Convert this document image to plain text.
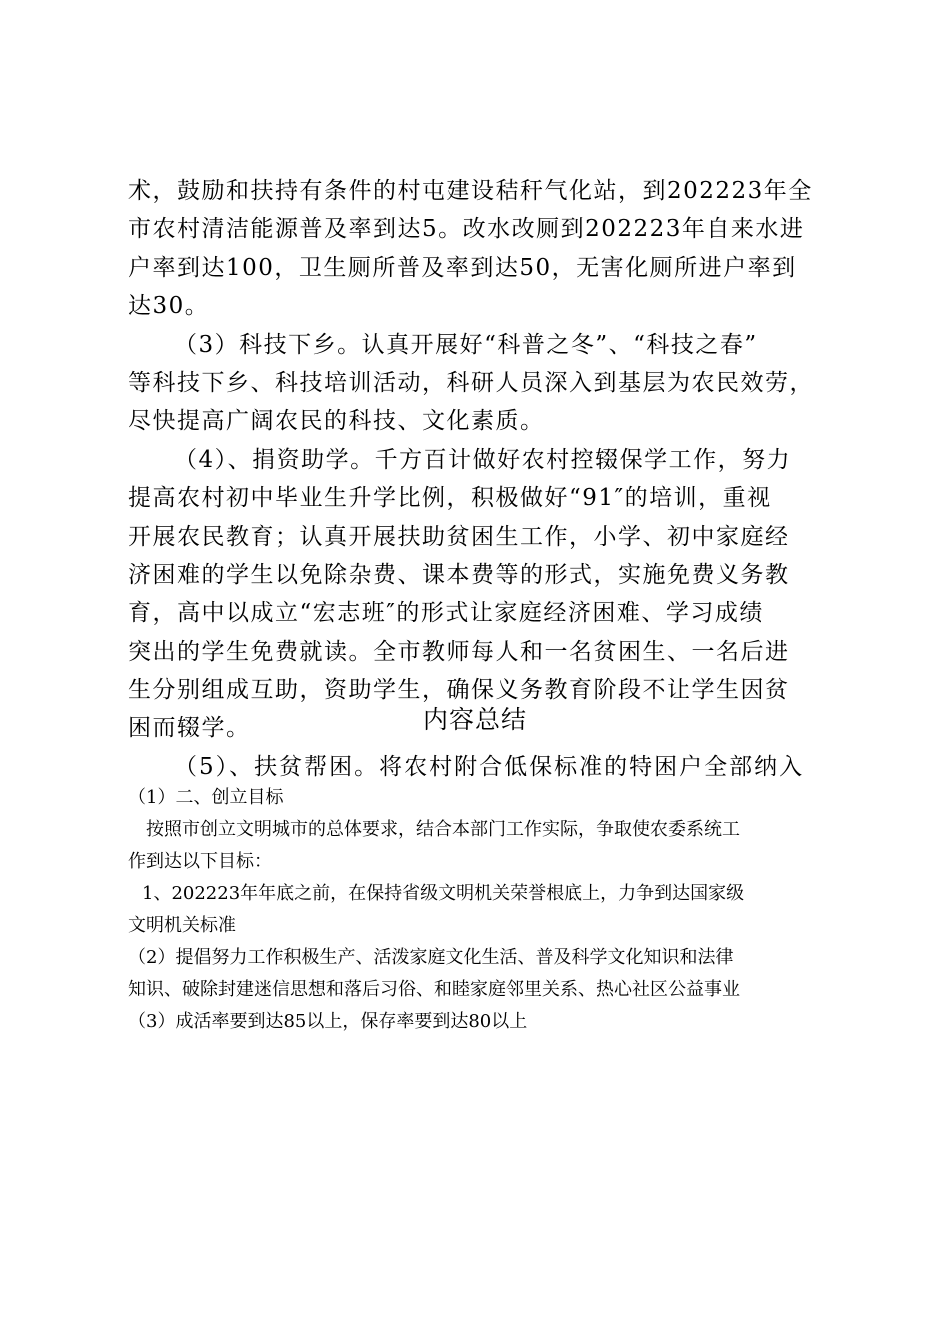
术，鼓励和扶持有条件的村屯建设秸秆气化站，到202223年全
市农村清洁能源普及率到达5。改水改厕到202223年自来水进
户率到达100，卫生厕所普及率到达50，无害化厕所进户率到
达30。
（3）科技下乡。认真开展好“科普之冬”、“科技之春”
等科技下乡、科技培训活动，科研人员深入到基层为农民效劳，
尽快提高广阔农民的科技、文化素质。
（4）、捐资助学。千方百计做好农村控辍保学工作，努力
提高农村初中毕业生升学比例，积极做好“91″的培训，重视
开展农民教育；认真开展扶助贫困生工作，小学、初中家庭经
济困难的学生以免除杂费、课本费等的形式，实施免费义务教
育，高中以成立“宏志班″的形式让家庭经济困难、学习成绩
突出的学生免费就读。全市教师每人和一名贫困生、一名后进
生分别组成互助，资助学生，确保义务教育阶段不让学生因贫
困而辍学。
（5）、扶贫帮困。将农村附合低保标准的特困户全部纳入
内容总结
（1）二、创立目标
按照市创立文明城市的总体要求，结合本部门工作实际，争取使农委系统工
作到达以下目标：
1、202223年年底之前，在保持省级文明机关荣誉根底上，力争到达国家级
文明机关标准
（2）提倡努力工作积极生产、活泼家庭文化生活、普及科学文化知识和法律
知识、破除封建迷信思想和落后习俗、和睦家庭邻里关系、热心社区公益事业
（3）成活率要到达85以上，保存率要到达80以上
